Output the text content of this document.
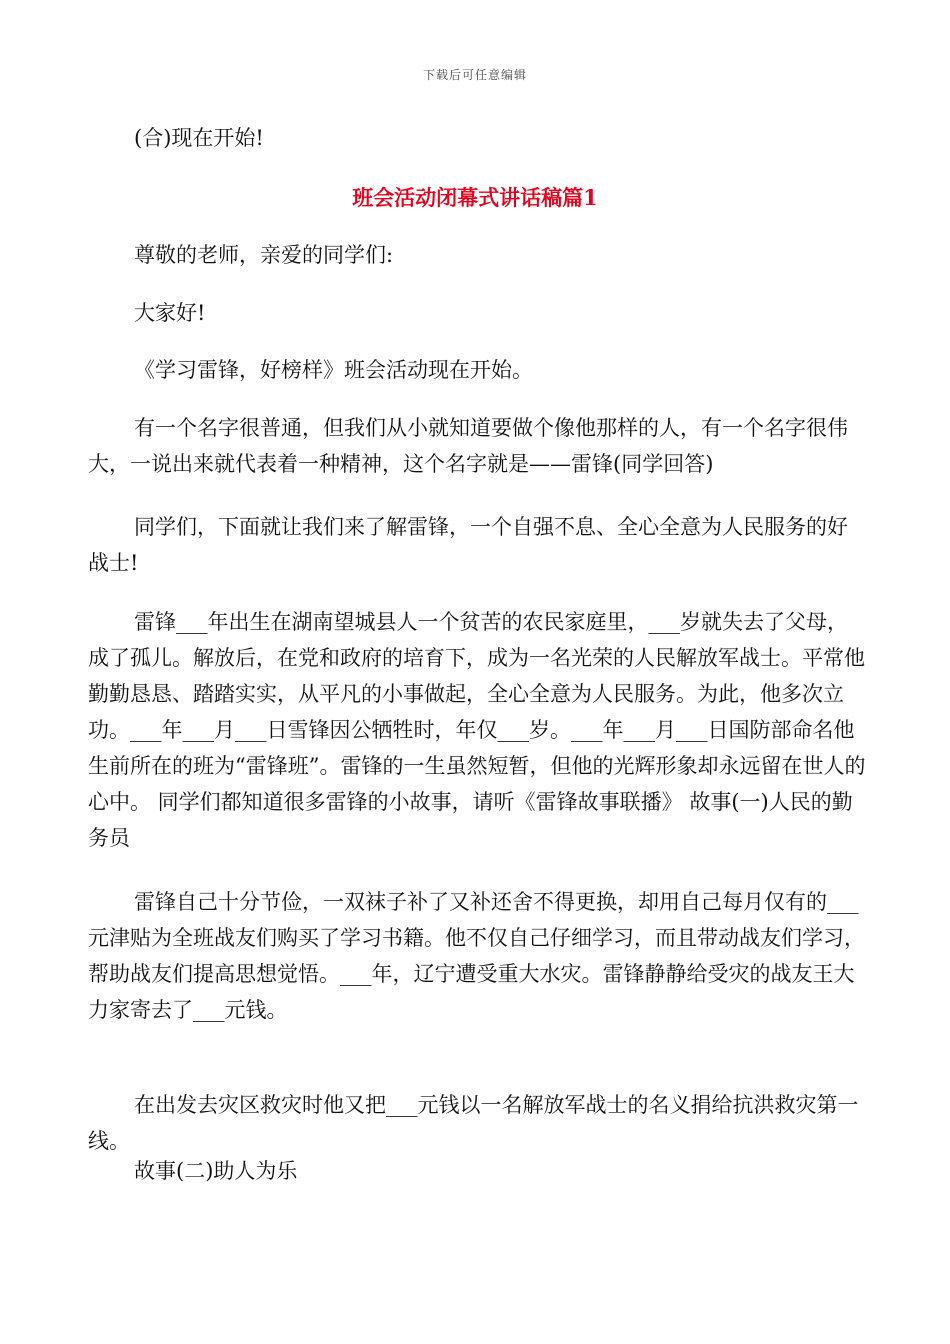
下载后可任意编辑

(合)现在开始!

班会活动闭幕式讲话稿篇1

尊敬的老师，亲爱的同学们:

大家好!

《学习雷锋，好榜样》班会活动现在开始。

有一个名字很普通，但我们从小就知道要做个像他那样的人，有一个名字很伟大，一说出来就代表着一种精神，这个名字就是——雷锋(同学回答)

同学们，下面就让我们来了解雷锋，一个自强不息、全心全意为人民服务的好战士!

雷锋___年出生在湖南望城县人一个贫苦的农民家庭里，___岁就失去了父母，成了孤儿。解放后，在党和政府的培育下，成为一名光荣的人民解放军战士。平常他勤勤恳恳、踏踏实实，从平凡的小事做起，全心全意为人民服务。为此，他多次立功。___年___月___日雪锋因公牺牲时，年仅___岁。___年___月___日国防部命名他生前所在的班为“雷锋班”。雷锋的一生虽然短暂，但他的光辉形象却永远留在世人的心中。 同学们都知道很多雷锋的小故事，请听《雷锋故事联播》 故事(一)人民的勤务员

雷锋自己十分节俭，一双袜子补了又补还舍不得更换，却用自己每月仅有的___元津贴为全班战友们购买了学习书籍。他不仅自己仔细学习，而且带动战友们学习，帮助战友们提高思想觉悟。___年，辽宁遭受重大水灾。雷锋静静给受灾的战友王大力家寄去了___元钱。

在出发去灾区救灾时他又把___元钱以一名解放军战士的名义捐给抗洪救灾第一线。

故事(二)助人为乐
